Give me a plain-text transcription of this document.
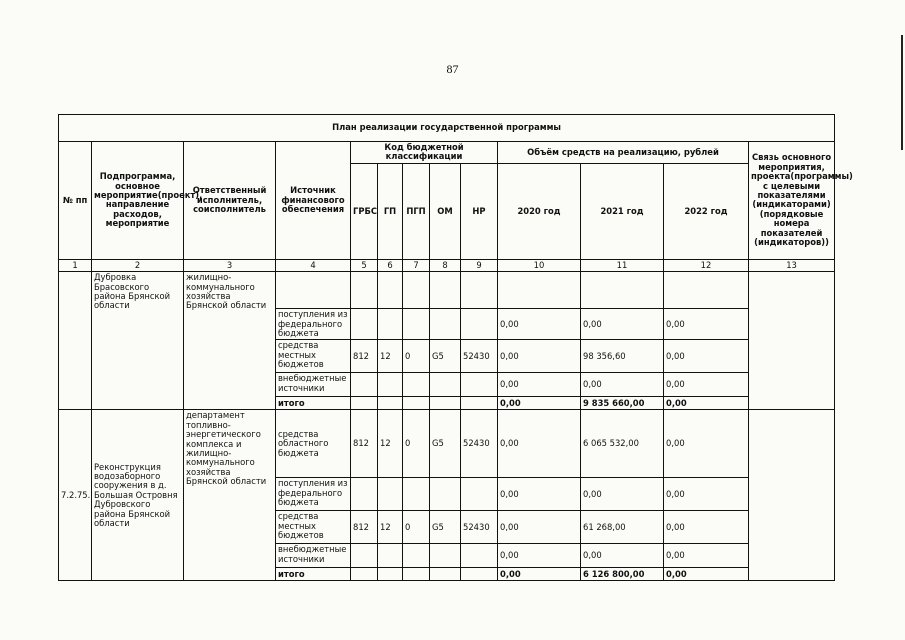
87
План реализации государственной программы												
№ пп	Подпрограмма, основное мероприятие(проект), направление расходов, мероприятие	Ответственный исполнитель, соисполнитель	Источник финансового обеспечения	Код бюджетной классификации					Объём средств на реализацию, рублей			Связь основного мероприятия, проекта(программы) с целевыми показателями (индикаторами) (порядковые номера показателей (индикаторов))
				ГРБС	ГП	ПГП	ОМ	НР	2020 год	2021 год	2022 год	
1	2	3	4	5	6	7	8	9	10	11	12	13
	Дубровка Брасовского района Брянской области	жилищно-коммунального хозяйства Брянской области										
			поступления из федерального бюджета						0,00	0,00	0,00	
			средства местных бюджетов	812	12	0	G5	52430	0,00	98 356,60	0,00	
			внебюджетные источники						0,00	0,00	0,00	
			итого						0,00	9 835 660,00	0,00	
7.2.75.	Реконструкция водозаборного сооружения в д. Большая Островня Дубровского района Брянской области	департамент топливно-энергетического комплекса и жилищно-коммунального хозяйства Брянской области	средства областного бюджета	812	12	0	G5	52430	0,00	6 065 532,00	0,00	
			поступления из федерального бюджета						0,00	0,00	0,00	
			средства местных бюджетов	812	12	0	G5	52430	0,00	61 268,00	0,00	
			внебюджетные источники						0,00	0,00	0,00	
			итого						0,00	6 126 800,00	0,00	
